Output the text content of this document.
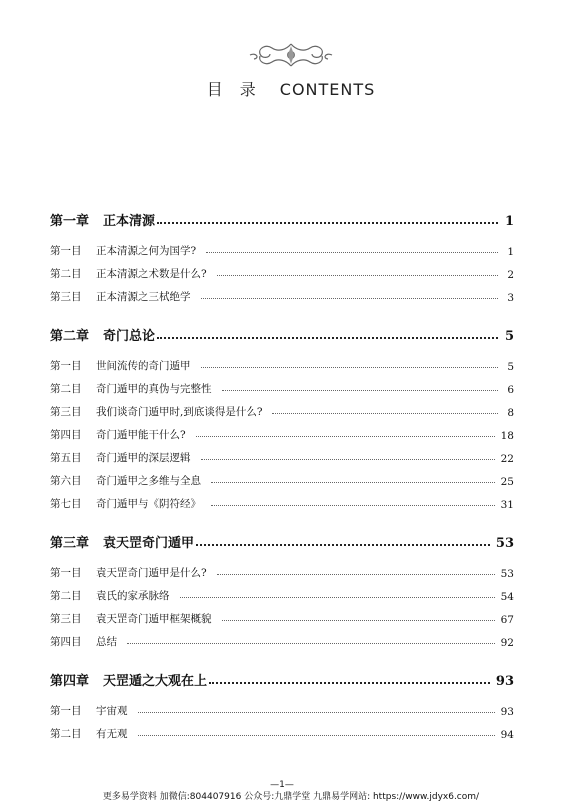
目 录 CONTENTS
第一章 正本清源	1
第一目	正本清源之何为国学?	1
第二目	正本清源之术数是什么?	2
第三目	正本清源之三栻绝学	3
第二章 奇门总论	5
第一目	世间流传的奇门遁甲	5
第二目	奇门遁甲的真伪与完整性	6
第三目	我们谈奇门遁甲时,到底谈得是什么?	8
第四目	奇门遁甲能干什么?	18
第五目	奇门遁甲的深层逻辑	22
第六目	奇门遁甲之多维与全息	25
第七目	奇门遁甲与《阴符经》	31
第三章 袁天罡奇门遁甲	53
第一目	袁天罡奇门遁甲是什么?	53
第二目	袁氏的家承脉络	54
第三目	袁天罡奇门遁甲框架概貌	67
第四目	总结	92
第四章 天罡遁之大观在上	93
第一目	宇宙观	93
第二目	有无观	94
—1—
更多易学资料 加微信:804407916 公众号:九鼎学堂 九鼎易学网站: https://www.jdyx6.com/
